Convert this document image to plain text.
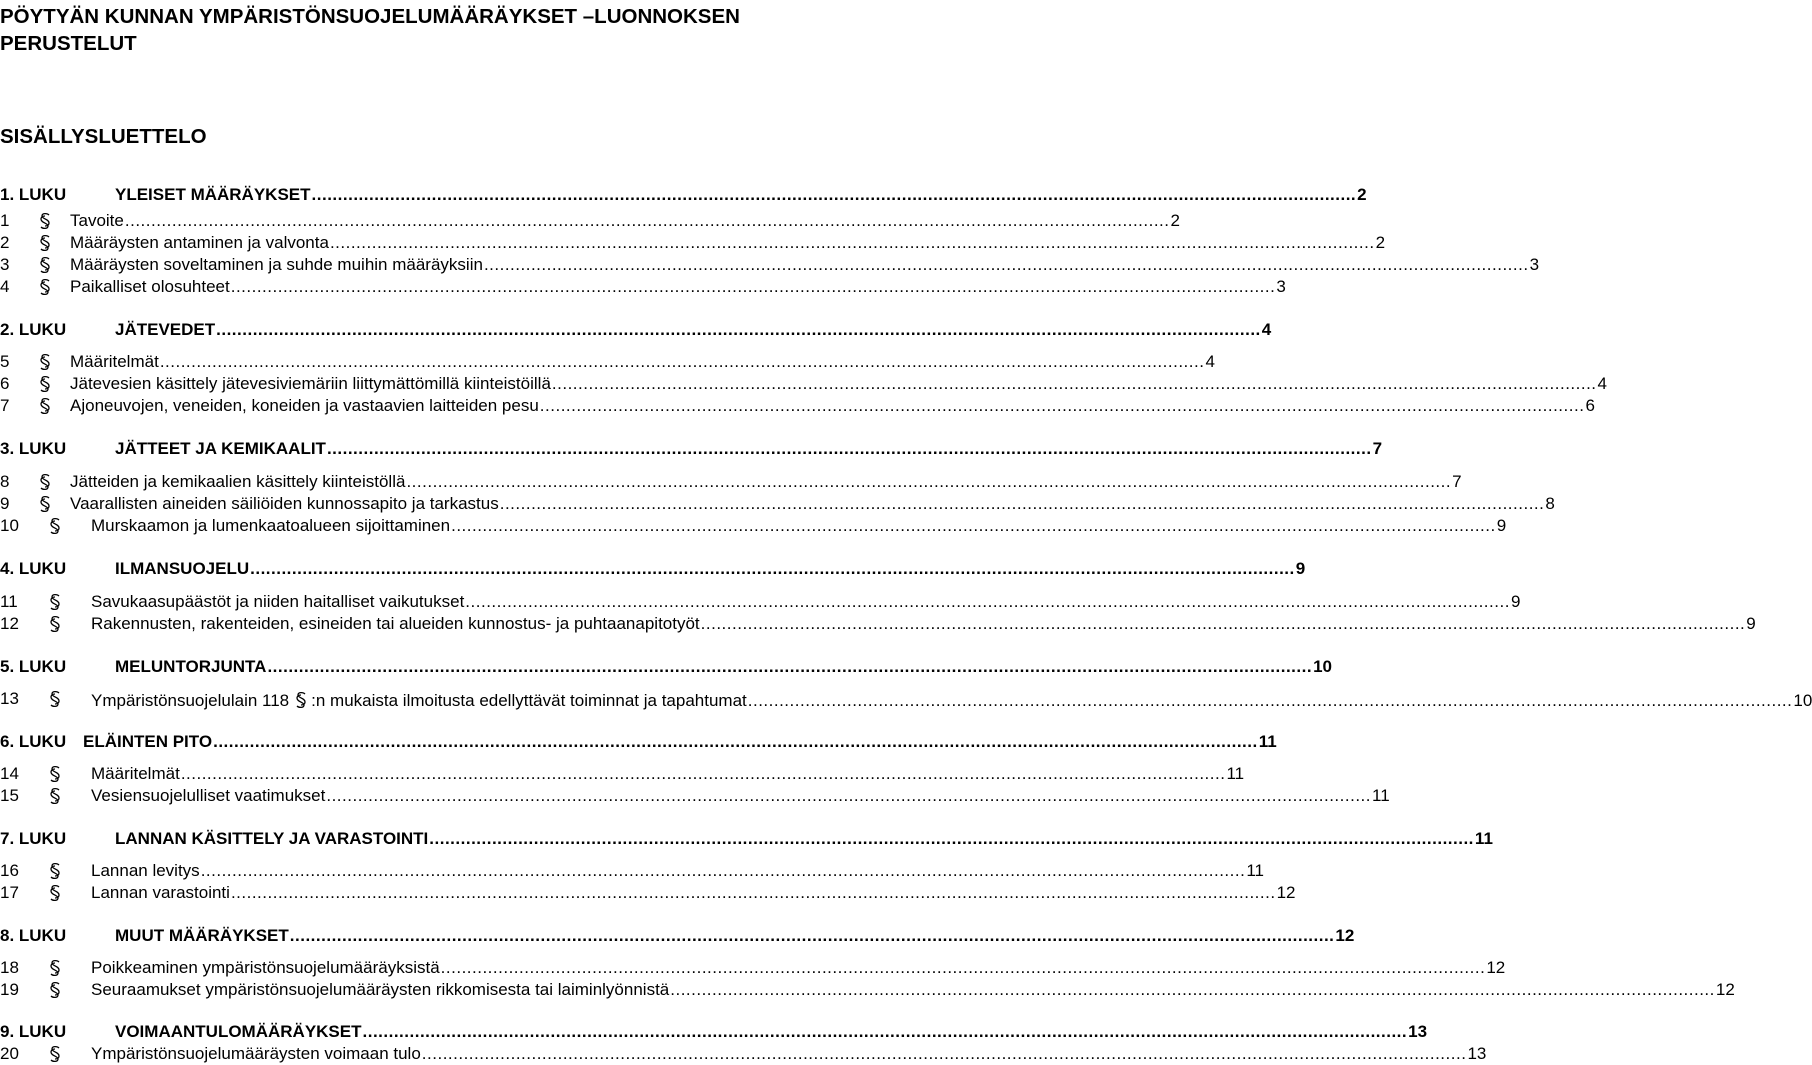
PÖYTYÄN KUNNAN YMPÄRISTÖNSUOJELUMÄÄRÄYKSET –LUONNOKSEN
PERUSTELUT
SISÄLLYSLUETTELO
1. LUKU	YLEISET MÄÄRÄYKSET ........................................................................................................................................................................................................ 2
1	Tavoite ........................................................................................................................................................................................................ 2
2	Määräysten antaminen ja valvonta ........................................................................................................................................................................................................ 2
3	Määräysten soveltaminen ja suhde muihin määräyksiin ........................................................................................................................................................................................................ 3
4	Paikalliset olosuhteet ........................................................................................................................................................................................................ 3
2. LUKU	JÄTEVEDET ........................................................................................................................................................................................................ 4
5	Määritelmät ........................................................................................................................................................................................................ 4
6	Jätevesien käsittely jätevesiviemäriin liittymättömillä kiinteistöillä ........................................................................................................................................................................................................ 4
7	Ajoneuvojen, veneiden, koneiden ja vastaavien laitteiden pesu ........................................................................................................................................................................................................ 6
3. LUKU	JÄTTEET JA KEMIKAALIT ........................................................................................................................................................................................................ 7
8	Jätteiden ja kemikaalien käsittely kiinteistöllä ........................................................................................................................................................................................................ 7
9	Vaarallisten aineiden säiliöiden kunnossapito ja tarkastus ........................................................................................................................................................................................................ 8
10	Murskaamon ja lumenkaatoalueen sijoittaminen ........................................................................................................................................................................................................ 9
4. LUKU	ILMANSUOJELU ........................................................................................................................................................................................................ 9
11	Savukaasupäästöt ja niiden haitalliset vaikutukset ........................................................................................................................................................................................................ 9
12	Rakennusten, rakenteiden, esineiden tai alueiden kunnostus- ja puhtaanapitotyöt ........................................................................................................................................................................................................ 9
5. LUKU	MELUNTORJUNTA ........................................................................................................................................................................................................ 10
13	Ympäristönsuojelulain 118 :n mukaista ilmoitusta edellyttävät toiminnat ja tapahtumat ........................................................................................................................................................................................................ 10
6. LUKU ELÄINTEN PITO ........................................................................................................................................................................................................ 11
14	Määritelmät ........................................................................................................................................................................................................ 11
15	Vesiensuojelulliset vaatimukset ........................................................................................................................................................................................................ 11
7. LUKU	LANNAN KÄSITTELY JA VARASTOINTI ........................................................................................................................................................................................................ 11
16	Lannan levitys ........................................................................................................................................................................................................ 11
17	Lannan varastointi ........................................................................................................................................................................................................ 12
8. LUKU	MUUT MÄÄRÄYKSET ........................................................................................................................................................................................................ 12
18	Poikkeaminen ympäristönsuojelumääräyksistä ........................................................................................................................................................................................................ 12
19	Seuraamukset ympäristönsuojelumääräysten rikkomisesta tai laiminlyönnistä ........................................................................................................................................................................................................ 12
9. LUKU	VOIMAANTULOMÄÄRÄYKSET ........................................................................................................................................................................................................ 13
20	Ympäristönsuojelumääräysten voimaan tulo ........................................................................................................................................................................................................ 13
